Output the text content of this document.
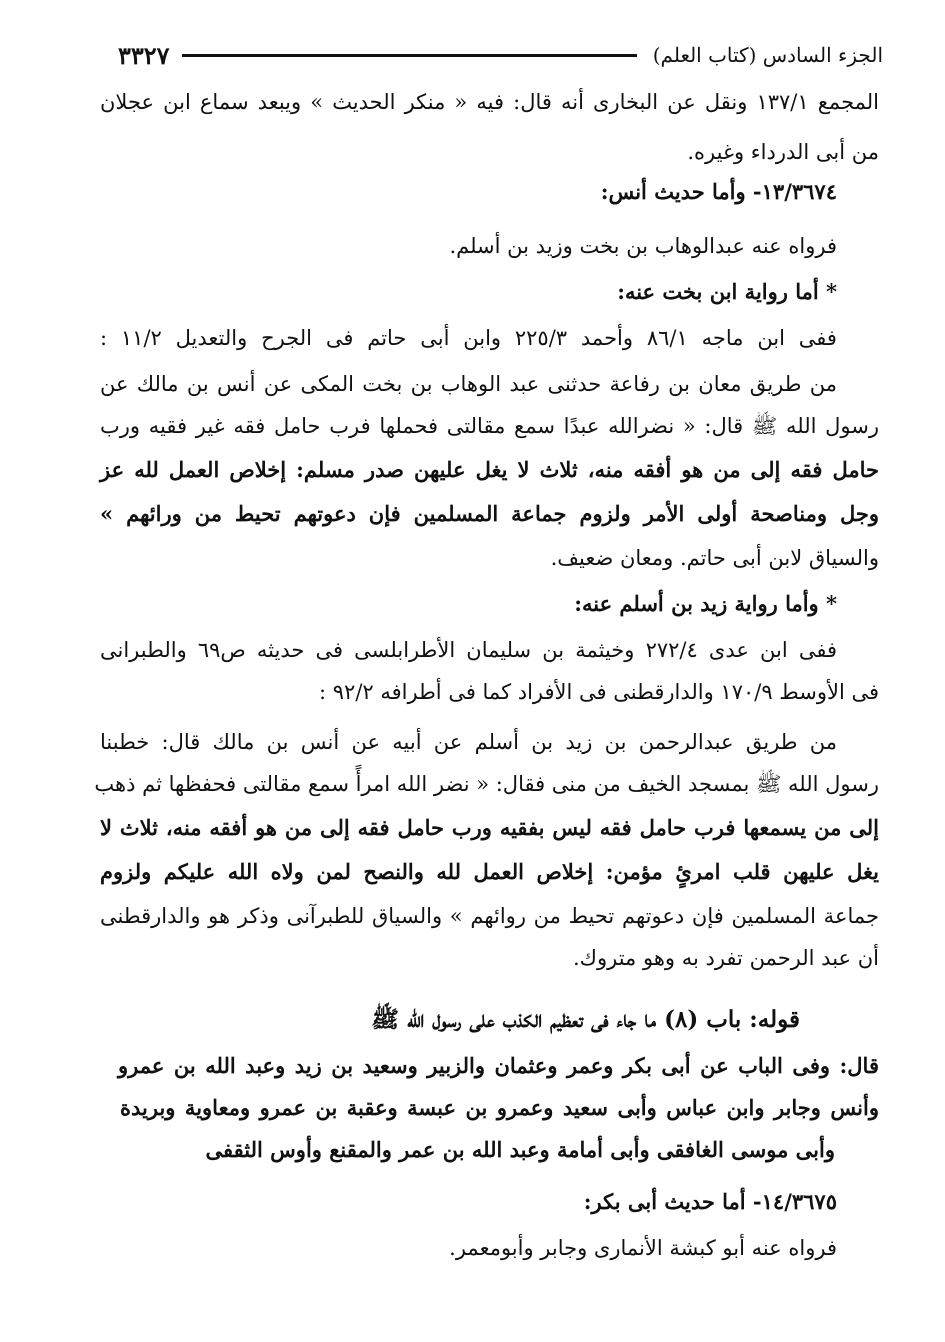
الجزء السادس (كتاب العلم)
٣٣٢٧
المجمع ١٣٧/١ ونقل عن البخارى أنه قال: فيه « منكر الحديث » ويبعد سماع ابن عجلان
من أبى الدرداء وغيره.
١٣/٣٦٧٤- وأما حديث أنس:
فرواه عنه عبدالوهاب بن بخت وزيد بن أسلم.
* أما رواية ابن بخت عنه:
ففى ابن ماجه ٨٦/١ وأحمد ٢٢٥/٣ وابن أبى حاتم فى الجرح والتعديل ١١/٢ :
من طريق معان بن رفاعة حدثنى عبد الوهاب بن بخت المكى عن أنس بن مالك عن
رسول الله ﷺ قال: « نضرالله عبدًا سمع مقالتى فحملها فرب حامل فقه غير فقيه ورب
حامل فقه إلى من هو أفقه منه، ثلاث لا يغل عليهن صدر مسلم: إخلاص العمل لله عز
وجل ومناصحة أولى الأمر ولزوم جماعة المسلمين فإن دعوتهم تحيط من ورائهم »
والسياق لابن أبى حاتم. ومعان ضعيف.
* وأما رواية زيد بن أسلم عنه:
ففى ابن عدى ٢٧٢/٤ وخيثمة بن سليمان الأطرابلسى فى حديثه ص٦٩ والطبرانى
فى الأوسط ١٧٠/٩ والدارقطنى فى الأفراد كما فى أطرافه ٩٢/٢ :
من طريق عبدالرحمن بن زيد بن أسلم عن أبيه عن أنس بن مالك قال: خطبنا
رسول الله ﷺ بمسجد الخيف من منى فقال: « نضر الله امرأً سمع مقالتى فحفظها ثم ذهب
إلى من يسمعها فرب حامل فقه ليس بفقيه ورب حامل فقه إلى من هو أفقه منه، ثلاث لا
يغل عليهن قلب امرئٍ مؤمن: إخلاص العمل لله والنصح لمن ولاه الله عليكم ولزوم
جماعة المسلمين فإن دعوتهم تحيط من روائهم » والسياق للطبرآنى وذكر هو والدارقطنى
أن عبد الرحمن تفرد به وهو متروك.
قوله: باب (٨) ما جاء فى تعظيم الكذب على رسول الله ﷺ
قال: وفى الباب عن أبى بكر وعمر وعثمان والزبير وسعيد بن زيد وعبد الله بن عمرو
وأنس وجابر وابن عباس وأبى سعيد وعمرو بن عبسة وعقبة بن عمرو ومعاوية وبريدة
وأبى موسى الغافقى وأبى أمامة وعبد الله بن عمر والمقنع وأوس الثقفى
١٤/٣٦٧٥- أما حديث أبى بكر:
فرواه عنه أبو كبشة الأنمارى وجابر وأبومعمر.
